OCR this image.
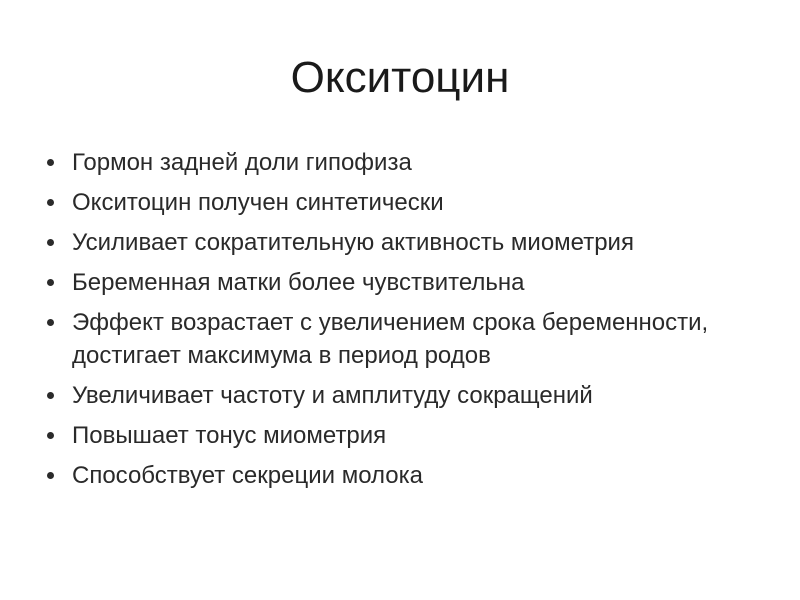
Окситоцин
Гормон задней доли гипофиза
Окситоцин получен синтетически
Усиливает сократительную активность миометрия
Беременная матки более чувствительна
Эффект возрастает с увеличением срока беременности, достигает максимума в период родов
Увеличивает частоту и амплитуду сокращений
Повышает тонус миометрия
Способствует секреции молока
